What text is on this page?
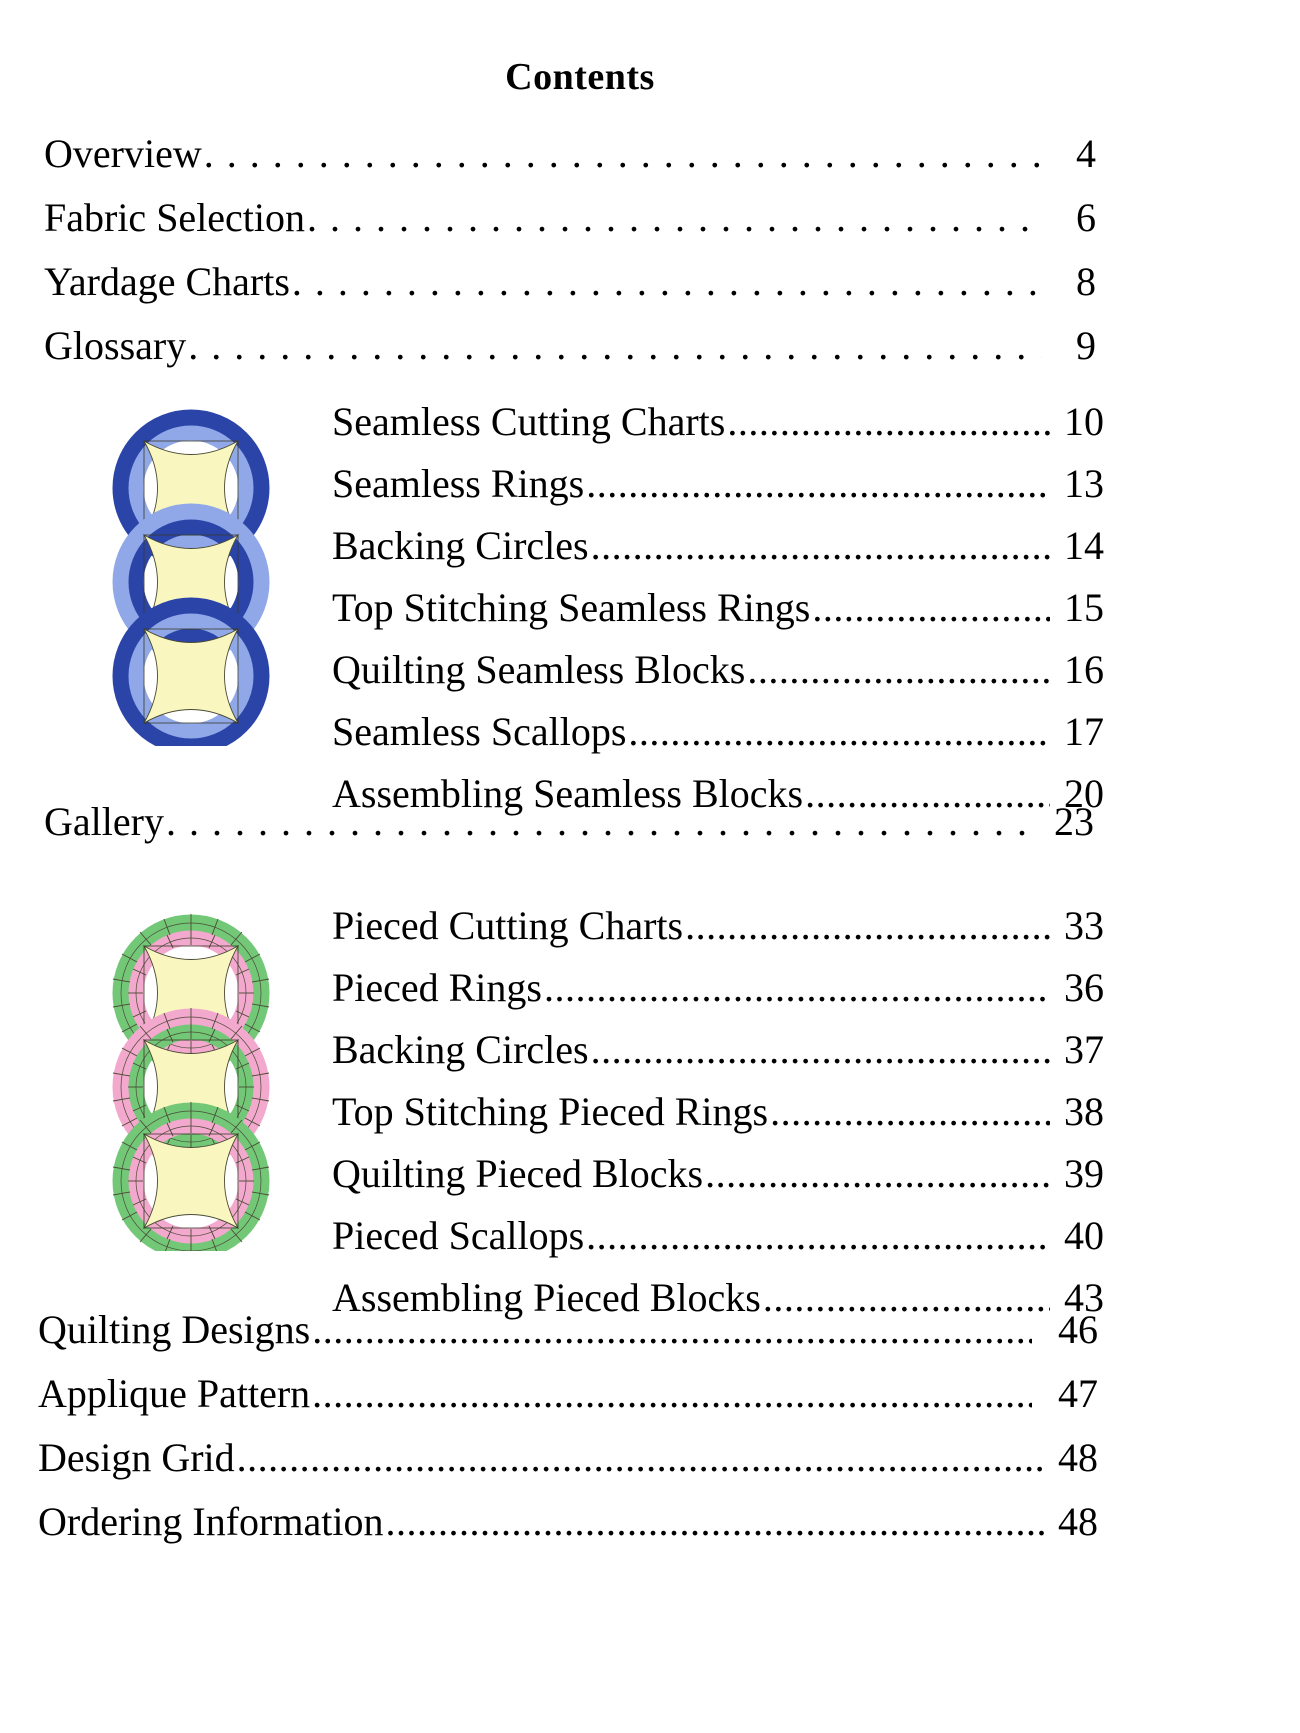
Contents
Overview .....	4
Fabric Selection .....	6
Yardage Charts .....	8
Glossary .....	9
Seamless Cutting Charts .....	10
Seamless Rings .....	13
Backing Circles .....	14
Top Stitching Seamless Rings .....	15
Quilting Seamless Blocks .....	16
Seamless Scallops .....	17
Assembling Seamless Blocks .....	20
Gallery .....	23
Pieced Cutting Charts .....	33
Pieced Rings .....	36
Backing Circles .....	37
Top Stitching Pieced Rings .....	38
Quilting Pieced Blocks .....	39
Pieced Scallops .....	40
Assembling Pieced Blocks .....	43
Quilting Designs .....	46
Applique Pattern .....	47
Design Grid .....	48
Ordering Information .....	48
